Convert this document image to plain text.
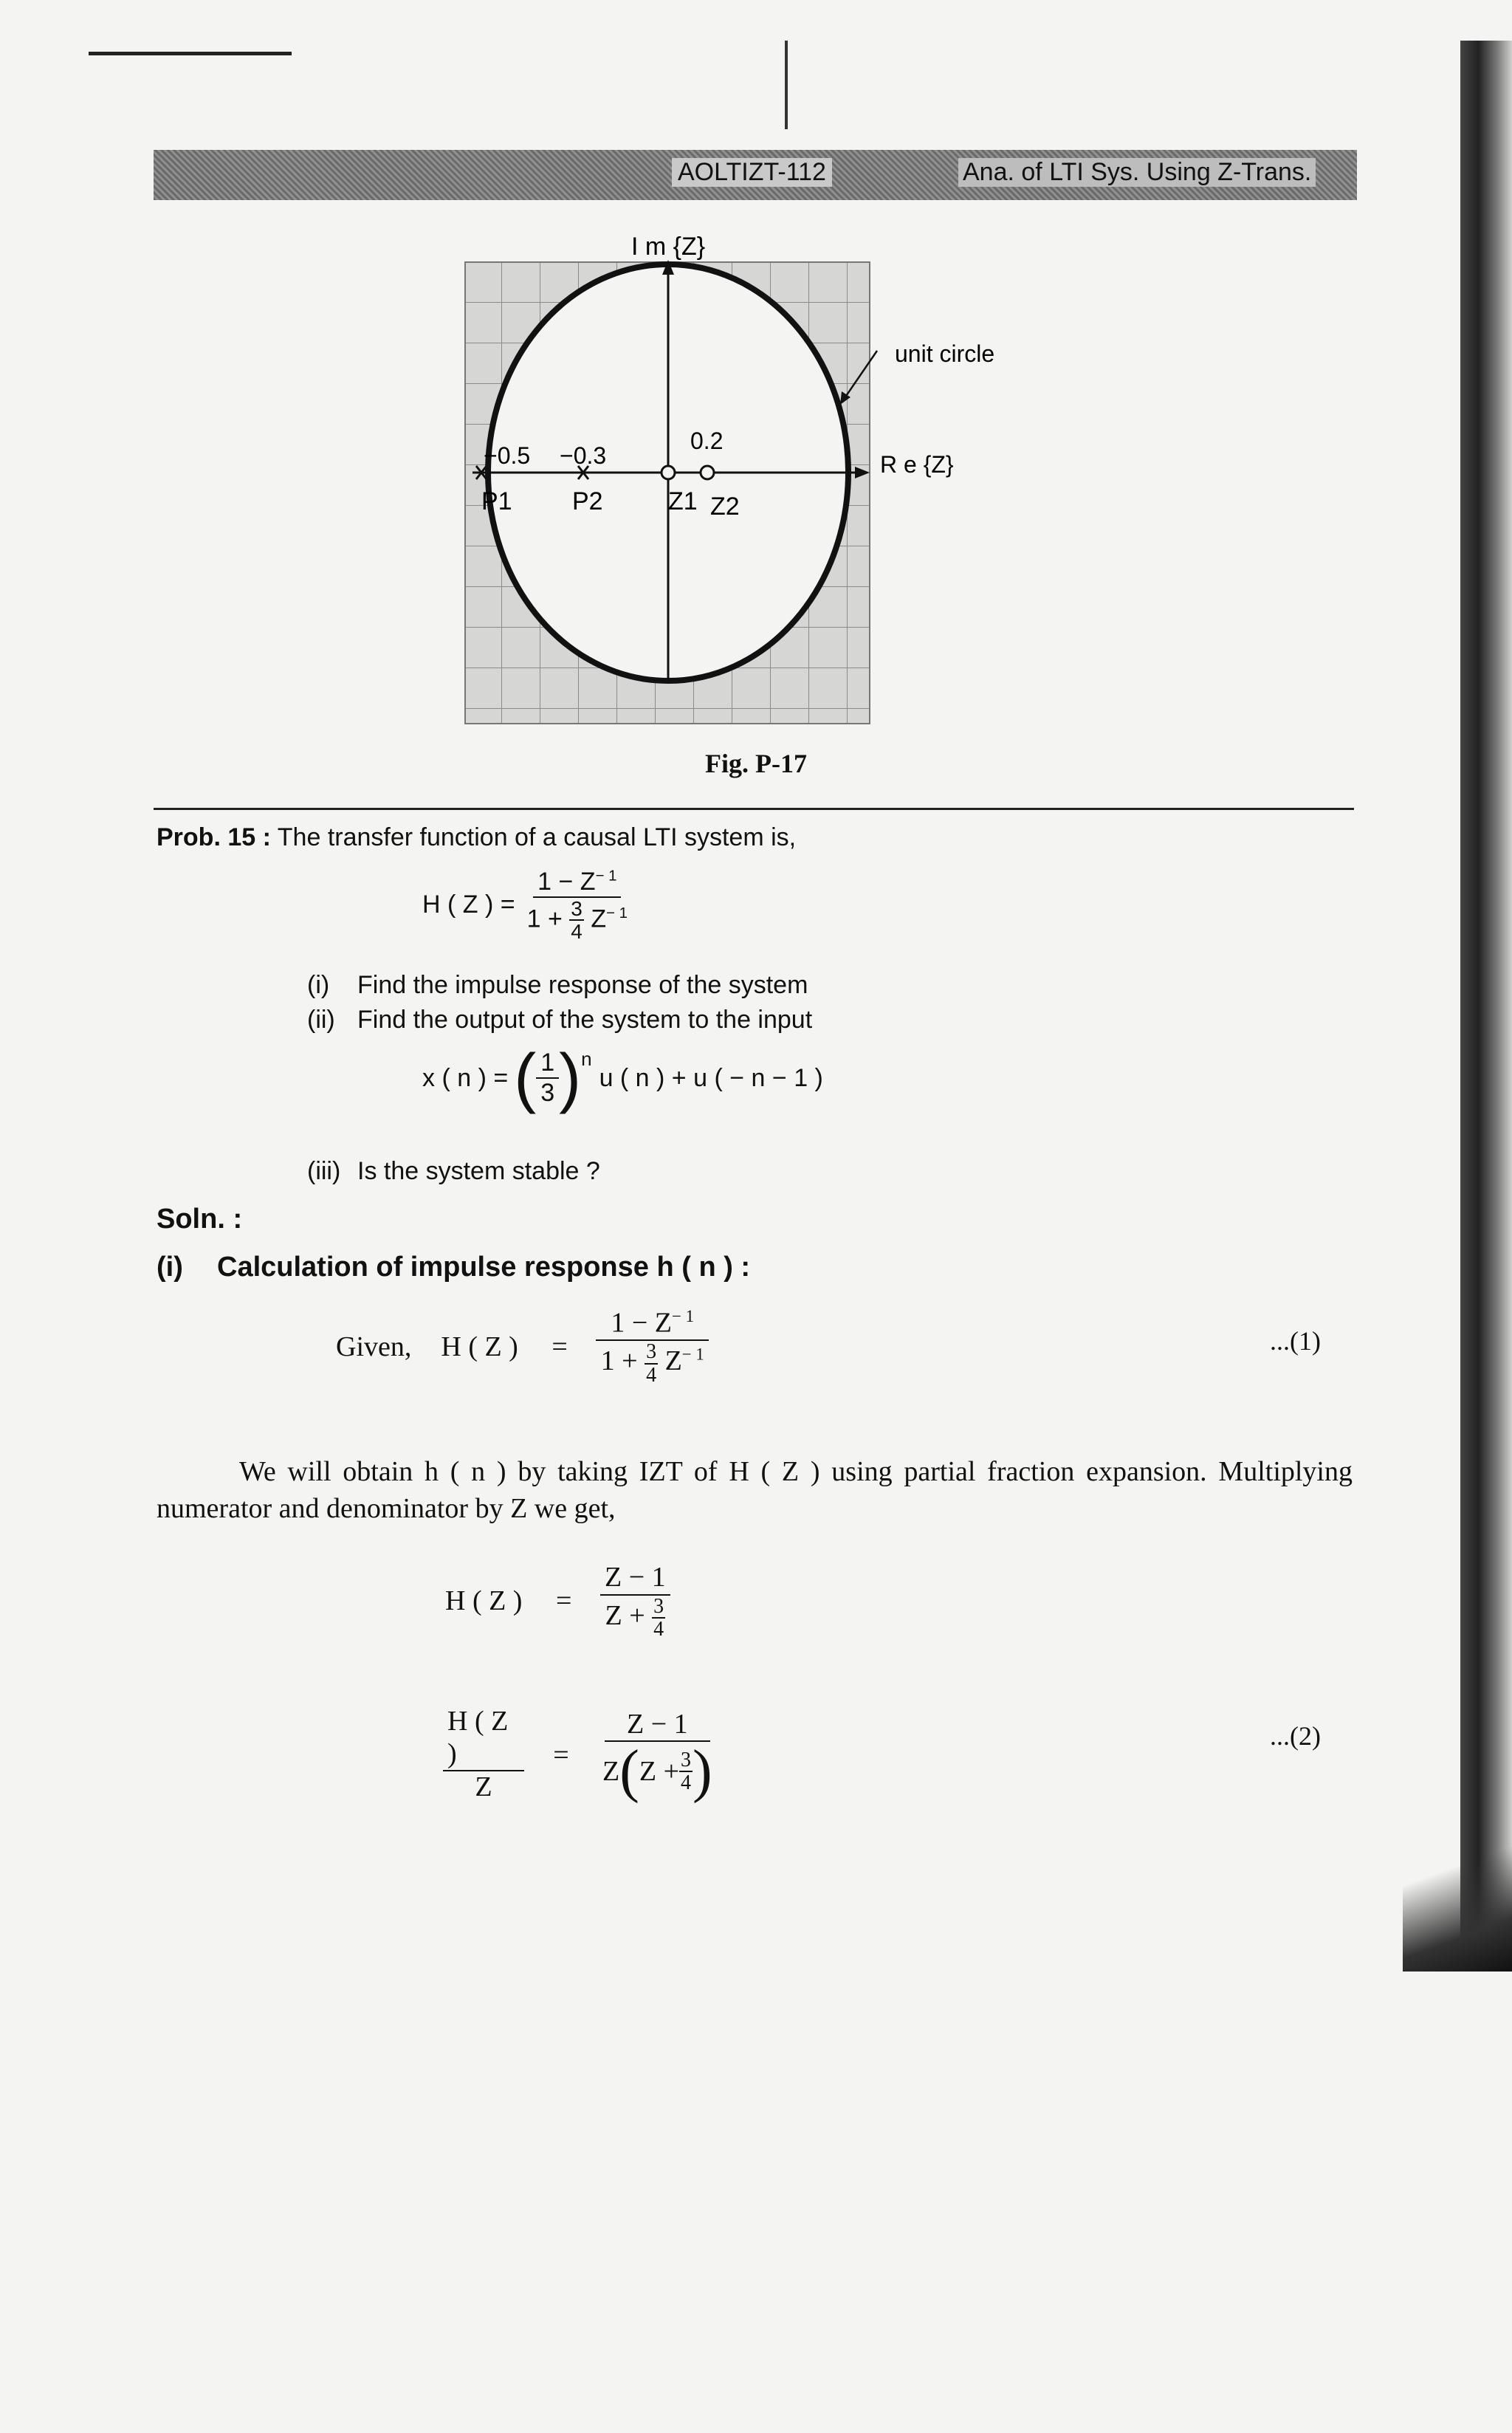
AOLTIZT-112	Ana. of LTI Sys. Using Z-Trans.
I m {Z}
R e {Z}
unit circle
−0.5 −0.3
0.2
P1 P2	Z1 Z2
Fig. P-17
Prob. 15 : The transfer function of a causal LTI system is,
H ( Z ) = $\frac{1 - Z^{- 1}}{1 + \frac{3}{4} Z^{- 1}}$
(i) Find the impulse response of the system
(ii) Find the output of the system to the input
x ( n ) = ( $\frac{1}{3}$ ) n
u ( n ) + u ( − n − 1 )
(iii) Is the system stable ?
Soln. :
(i) Calculation of impulse response h ( n ) :
Given, H ( Z )	=	$\frac{1 - Z^{- 1}}{1 + \frac{3}{4} Z^{- 1}}$	...(1)
We will obtain h ( n ) by taking IZT of H ( Z ) using partial fraction expansion. Multiplying numerator and denominator by Z we get,
H ( Z )	=	$\frac{Z - 1}{Z + \frac{3}{4}}$
$\frac{H ( Z )}{Z}$	=	$\frac{Z - 1}{Z ( Z + \frac{3}{4} )}$	...(2)
